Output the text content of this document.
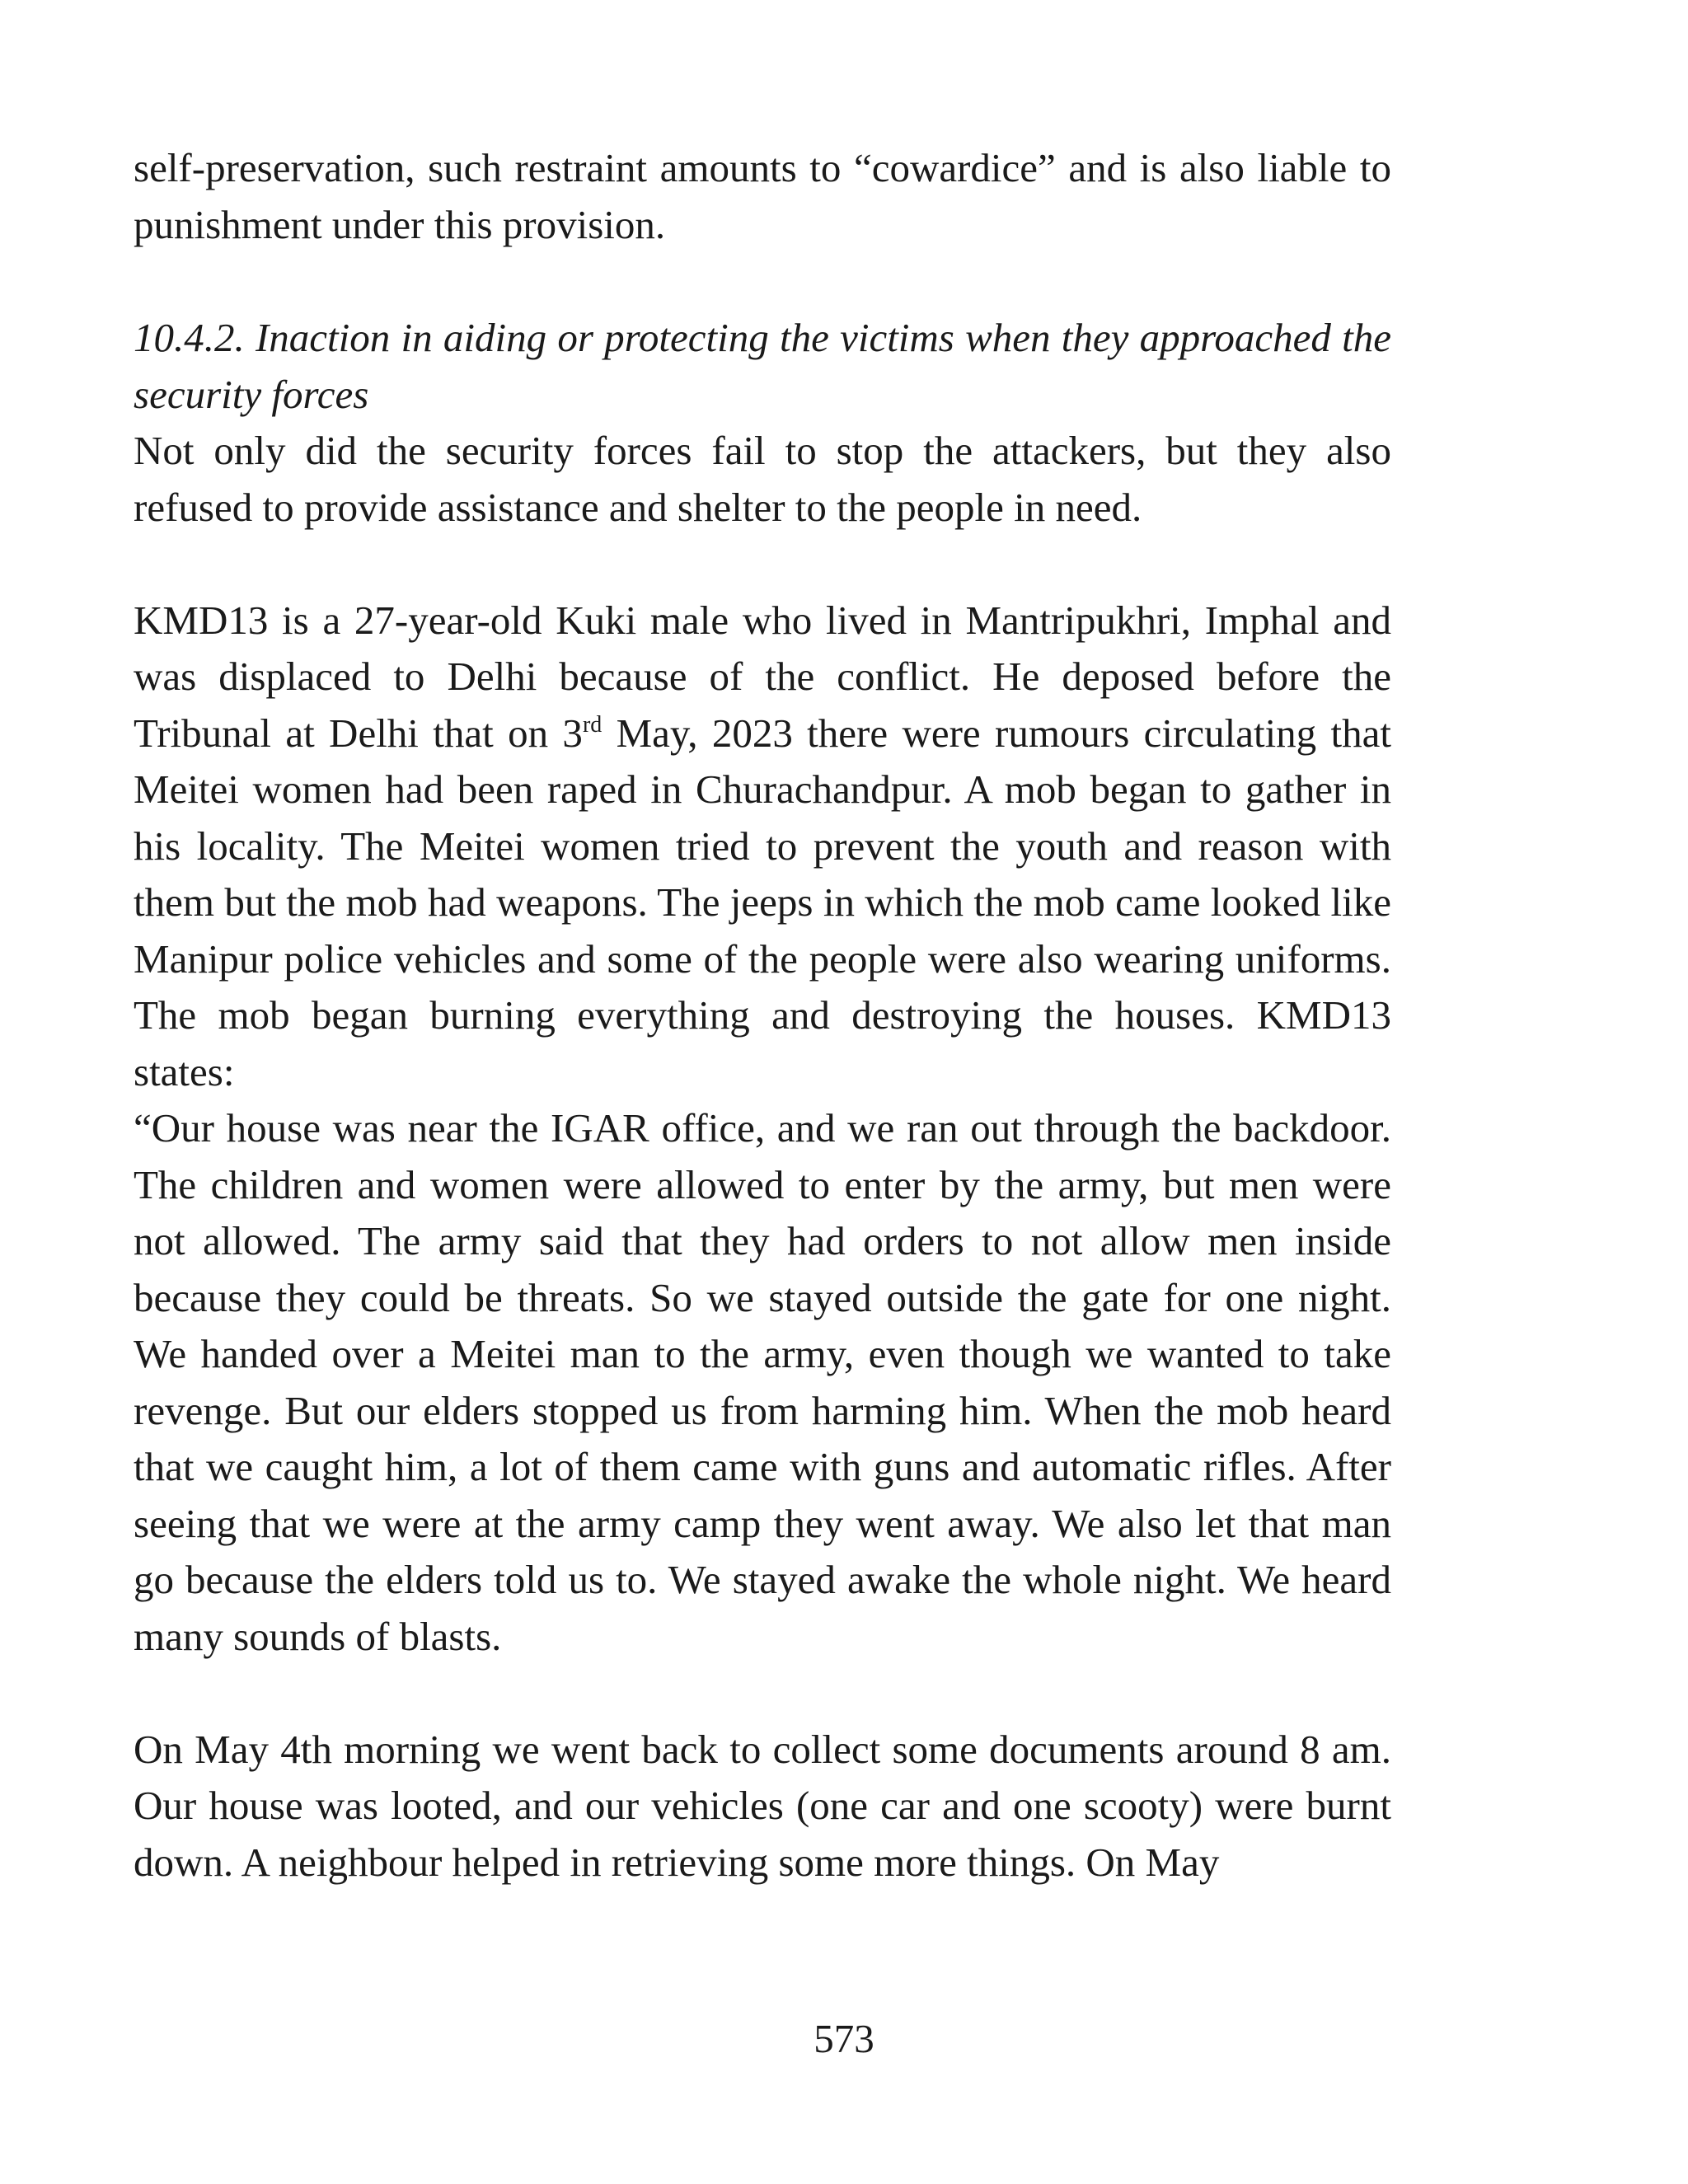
self-preservation, such restraint amounts to “cowardice” and is also liable to punishment under this provision.

10.4.2. Inaction in aiding or protecting the victims when they approached the security forces

Not only did the security forces fail to stop the attackers, but they also refused to provide assistance and shelter to the people in need.

KMD13 is a 27-year-old Kuki male who lived in Mantripukhri, Imphal and was displaced to Delhi because of the conflict. He deposed before the Tribunal at Delhi that on 3rd May, 2023 there were rumours circulating that Meitei women had been raped in Churachandpur. A mob began to gather in his locality. The Meitei women tried to prevent the youth and reason with them but the mob had weapons. The jeeps in which the mob came looked like Manipur police vehicles and some of the people were also wearing uniforms. The mob began burning everything and destroying the houses. KMD13 states:

“Our house was near the IGAR office, and we ran out through the backdoor. The children and women were allowed to enter by the army, but men were not allowed. The army said that they had orders to not allow men inside because they could be threats. So we stayed outside the gate for one night. We handed over a Meitei man to the army, even though we wanted to take revenge. But our elders stopped us from harming him. When the mob heard that we caught him, a lot of them came with guns and automatic rifles. After seeing that we were at the army camp they went away. We also let that man go because the elders told us to. We stayed awake the whole night. We heard many sounds of blasts.

On May 4th morning we went back to collect some documents around 8 am. Our house was looted, and our vehicles (one car and one scooty) were burnt down. A neighbour helped in retrieving some more things. On May

573
